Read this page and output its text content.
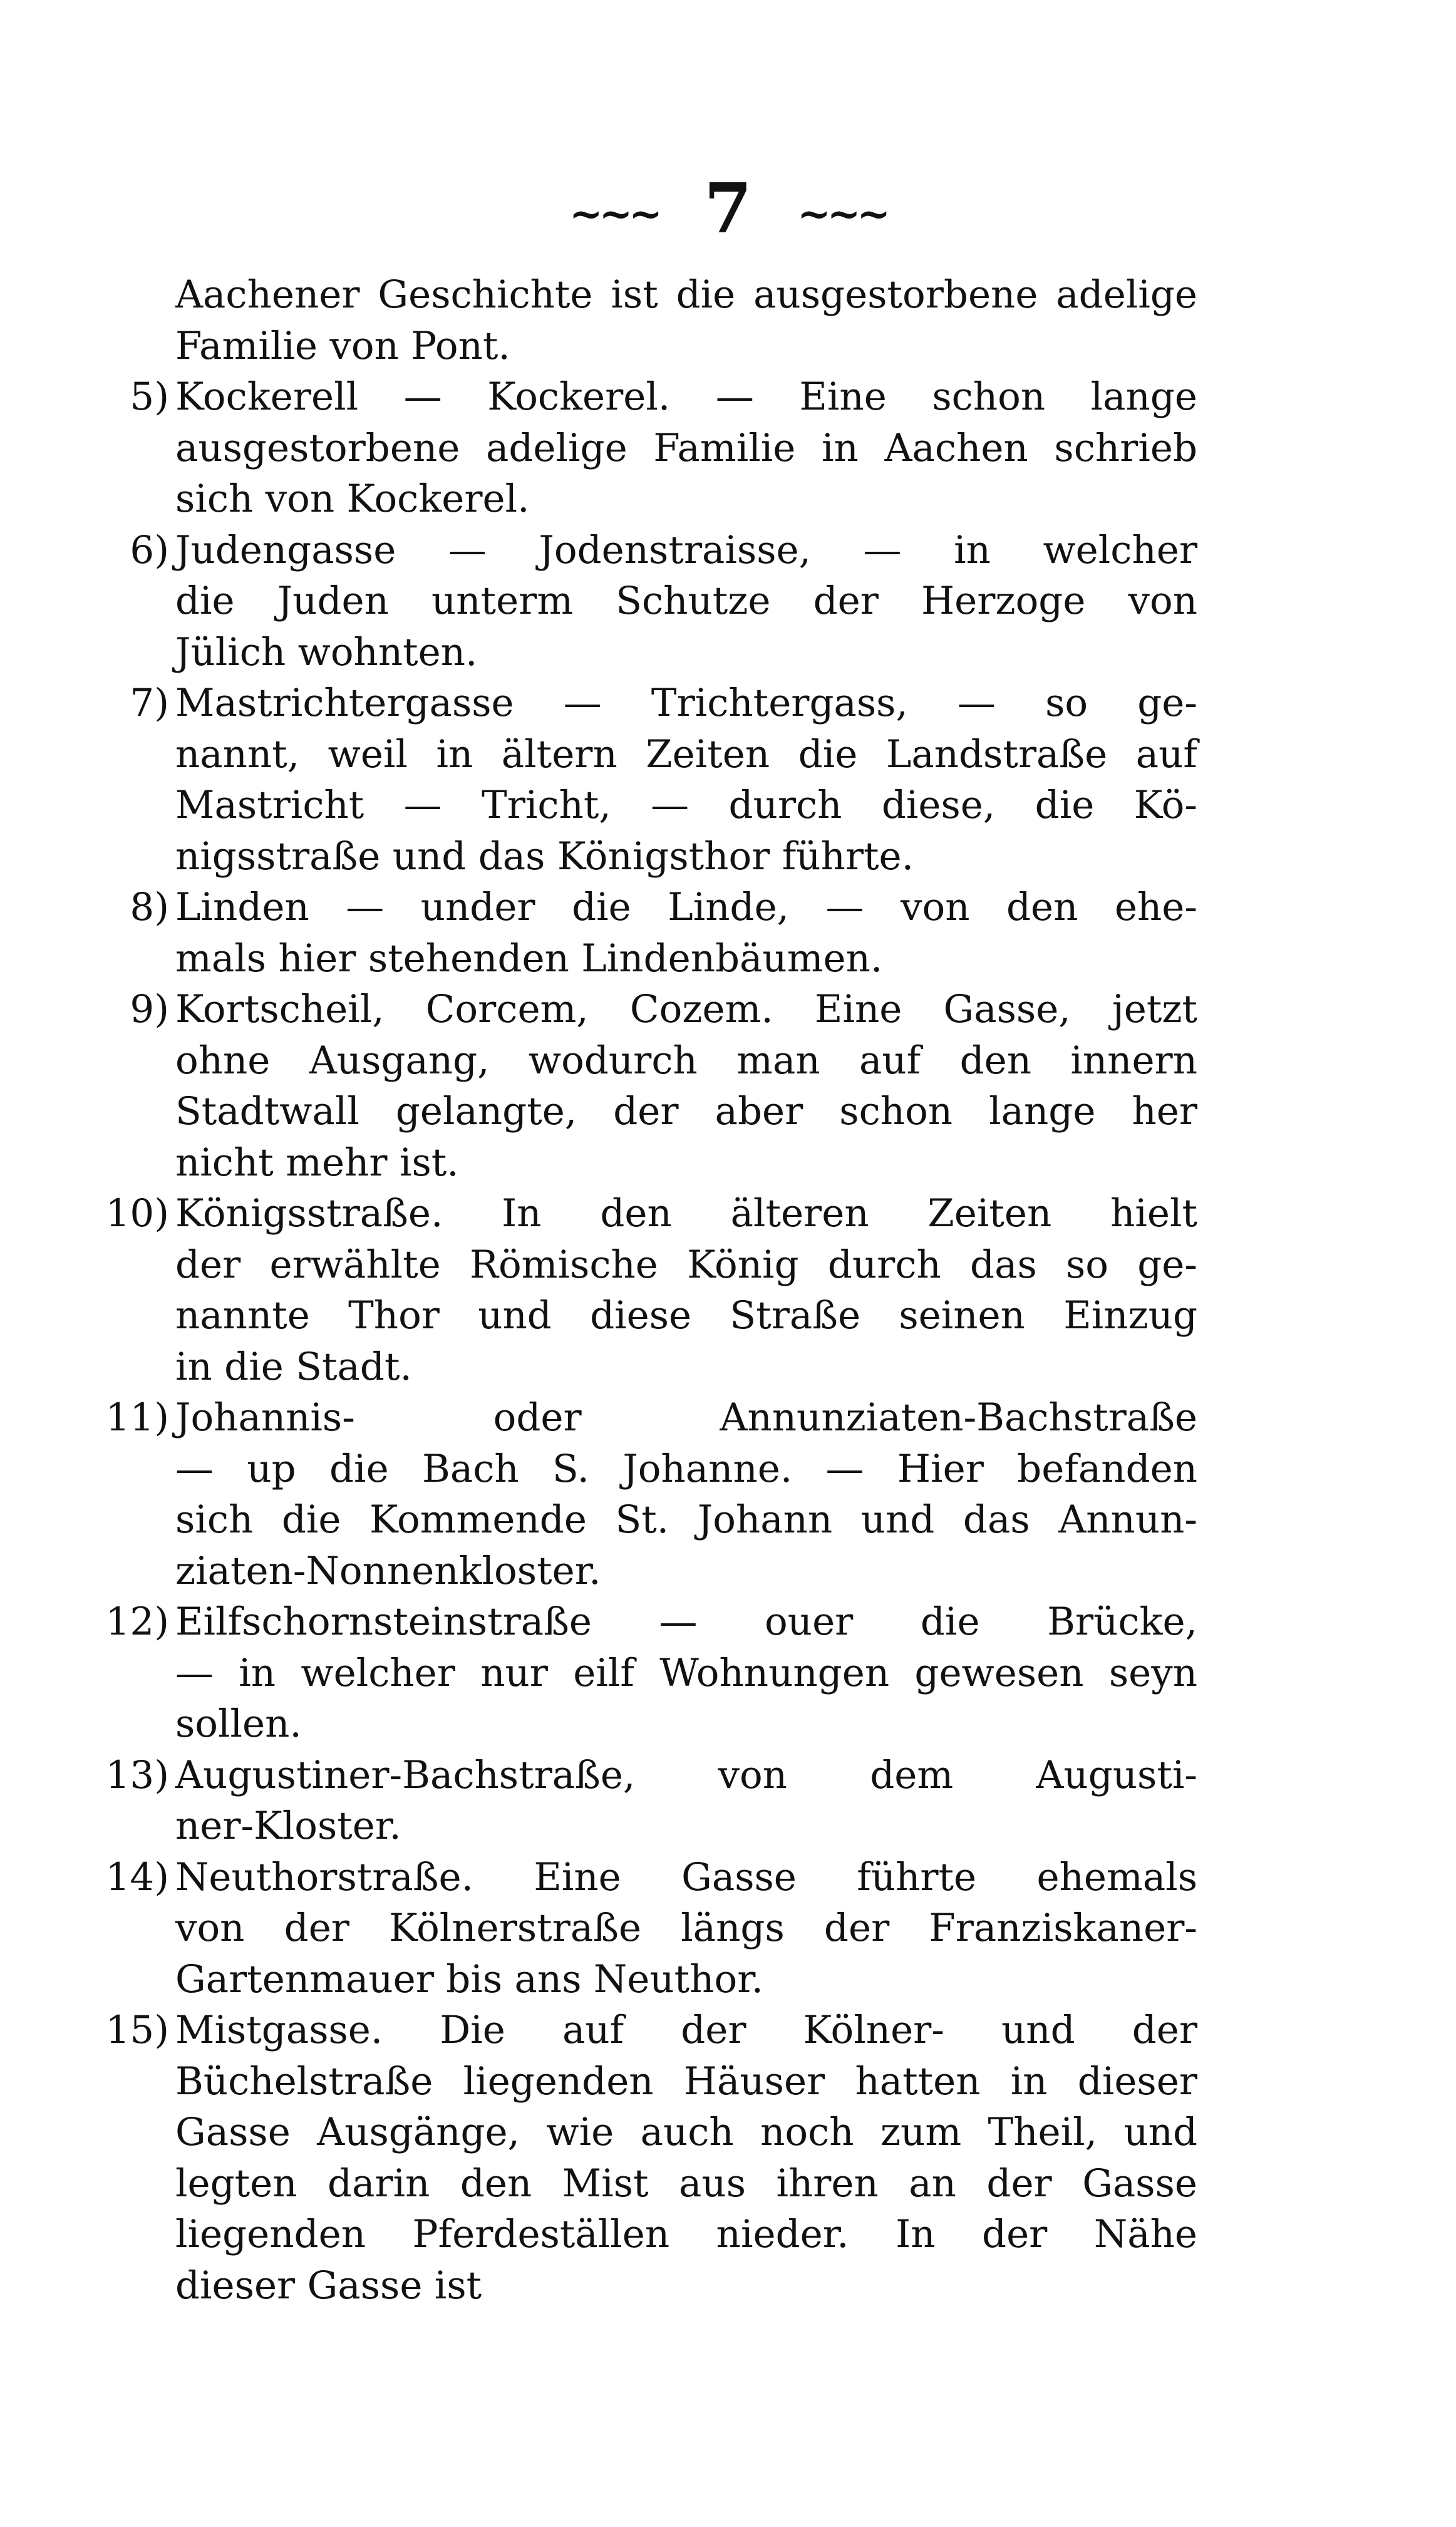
~~~ 7 ~~~
Aachener Geschichte ist die ausgestorbene adelige
Familie von Pont.
5) Kockerell — Kockerel. — Eine schon lange
ausgestorbene adelige Familie in Aachen schrieb
sich von Kockerel.
6) Judengasse — Jodenstraisse, — in welcher
die Juden unterm Schutze der Herzoge von
Jülich wohnten.
7) Mastrichtergasse — Trichtergass, — so ge-
nannt, weil in ältern Zeiten die Landstraße auf
Mastricht — Tricht, — durch diese, die Kö-
nigsstraße und das Königsthor führte.
8) Linden — under die Linde, — von den ehe-
mals hier stehenden Lindenbäumen.
9) Kortscheil, Corcem, Cozem. Eine Gasse, jetzt
ohne Ausgang, wodurch man auf den innern
Stadtwall gelangte, der aber schon lange her
nicht mehr ist.
10) Königsstraße. In den älteren Zeiten hielt
der erwählte Römische König durch das so ge-
nannte Thor und diese Straße seinen Einzug
in die Stadt.
11) Johannis- oder Annunziaten-Bachstraße
— up die Bach S. Johanne. — Hier befanden
sich die Kommende St. Johann und das Annun-
ziaten-Nonnenkloster.
12) Eilfschornsteinstraße — ouer die Brücke,
— in welcher nur eilf Wohnungen gewesen seyn
sollen.
13) Augustiner-Bachstraße, von dem Augusti-
ner-Kloster.
14) Neuthorstraße. Eine Gasse führte ehemals
von der Kölnerstraße längs der Franziskaner-
Gartenmauer bis ans Neuthor.
15) Mistgasse. Die auf der Kölner- und der
Büchelstraße liegenden Häuser hatten in dieser
Gasse Ausgänge, wie auch noch zum Theil, und
legten darin den Mist aus ihren an der Gasse
liegenden Pferdeställen nieder. In der Nähe
dieser Gasse ist
